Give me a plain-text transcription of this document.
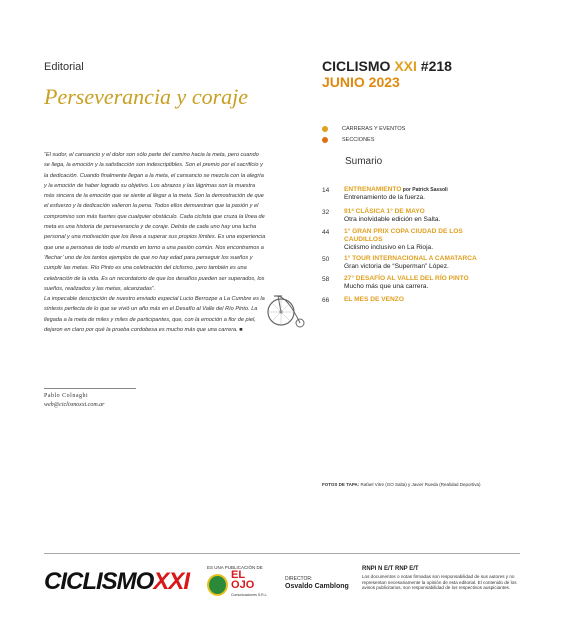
Editorial
Perseverancia y coraje

“El sudor, el cansancio y el dolor son sólo parte del camino hacia la meta, pero cuando se llega, la emoción y la satisfacción son indescriptibles. Son el premio por el sacrificio y la dedicación. Cuando finalmente llegan a la meta, el cansancio se mezcla con la alegría y la emoción de haber logrado su objetivo. Los abrazos y las lágrimas son la muestra más sincera de la emoción que se siente al llegar a la meta. Son la demostración de que el esfuerzo y la dedicación valieron la pena. Todos ellos demuestran que la pasión y el compromiso son más fuertes que cualquier obstáculo. Cada ciclista que cruza la línea de meta es una historia de perseverancia y de coraje. Detrás de cada uno hay una lucha personal y una motivación que los lleva a superar sus propios límites. Es una experiencia que une a personas de todo el mundo en torno a una pasión común. Nos encontramos a ‘flechar’ uno de los tantos ejemplos de que no hay edad para perseguir los sueños y cumplir las metas. Río Pinto es una celebración del ciclismo, pero también es una celebración de la vida. Es un recordatorio de que los desafíos pueden ser superados, los sueños, realizados y las metas, alcanzadas”.

La impecable descripción de nuestro enviado especial Lucio Berrozpe a La Cumbre es la síntesis perfecta de lo que se vivió un año más en el Desafío al Valle del Río Pinto. La llegada a la meta de miles y miles de participantes, que, con la emoción a flor de piel, dejaron en claro por qué la prueba cordobesa es mucho más que una carrera. ■

Pablo Colnaghi
web@ciclismoxxi.com.ar
CICLISMO XXI #218
JUNIO 2023
CARRERAS Y EVENTOS
SECCIONES
Sumario
14	ENTRENAMIENTO por Patrick Sassoli
Entrenamiento de la fuerza.
32	91ª CLÁSICA 1° DE MAYO
Otra inolvidable edición en Salta.
44	1° GRAN PRIX COPA CIUDAD DE LOS CAUDILLOS
Ciclismo inclusivo en La Rioja.
50	1° TOUR INTERNACIONAL A CAMATARCA
Gran victoria de “Superman” López.
58	27° DESAFÍO AL VALLE DEL RÍO PINTO
Mucho más que una carrera.
66	EL MES DE VENZO
FOTOS DE TAPA: Rafael Vitre (GO Salta) y Javier Rueda (Realidad Deportiva)
CICLISMOXXI
ES UNA PUBLICACIÓN DE
EL OJO
Comunicaciones S.R.L.
DIRECTOR:
Osvaldo Camblong
RNPI N E/T RNP E/T
Los documentos o notas firmadas son responsabilidad de sus autores y no representan necesariamente la opinión de esta editorial. El contenido de los avisos publicitarios, son responsabilidad de los respectivos auspiciantes.
